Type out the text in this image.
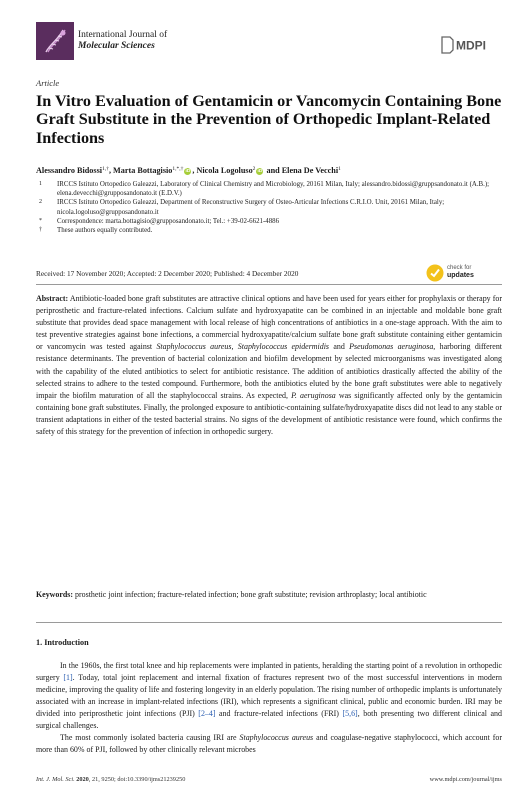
International Journal of
Molecular Sciences	MDPI
Article
In Vitro Evaluation of Gentamicin or Vancomycin Containing Bone Graft Substitute in the Prevention of Orthopedic Implant-Related Infections
Alessandro Bidossi$^{1,\dagger}$, Marta Bottagisio$^{1,*,\dagger}$ iD , Nicola Logoluso$^2$ iD and Elena De Vecchi$^1$
1	IRCCS Istituto Ortopedico Galeazzi, Laboratory of Clinical Chemistry and Microbiology, 20161 Milan, Italy; alessandro.bidossi@gruppsandonato.it (A.B.); elena.devecchi@grupposandonato.it (E.D.V.)
2	IRCCS Istituto Ortopedico Galeazzi, Department of Reconstructive Surgery of Osteo-Articular Infections C.R.I.O. Unit, 20161 Milan, Italy; nicola.logoluso@grupposandonato.it
*	Correspondence: marta.bottagisio@grupposandonato.it; Tel.: +39-02-6621-4886
†	These authors equally contributed.
Received: 17 November 2020; Accepted: 2 December 2020; Published: 4 December 2020
check for
updates
Abstract: Antibiotic-loaded bone graft substitutes are attractive clinical options and have been used for years either for prophylaxis or therapy for periprosthetic and fracture-related infections. Calcium sulfate and hydroxyapatite can be combined in an injectable and moldable bone graft substitute that provides dead space management with local release of high concentrations of antibiotics in a one-stage approach. With the aim to test preventive strategies against bone infections, a commercial hydroxyapatite/calcium sulfate bone graft substitute containing either gentamicin or vancomycin was tested against Staphylococcus aureus, Staphylococcus epidermidis and Pseudomonas aeruginosa, harboring different resistance determinants. The prevention of bacterial colonization and biofilm development by selected microorganisms was investigated along with the capability of the eluted antibiotics to select for antibiotic resistance. The addition of antibiotics drastically affected the ability of the selected strains to adhere to the tested compound. Furthermore, both the antibiotics eluted by the bone graft substitutes were able to negatively impair the biofilm maturation of all the staphylococcal strains. As expected, P. aeruginosa was significantly affected only by the gentamicin containing bone graft substitutes. Finally, the prolonged exposure to antibiotic-containing sulfate/hydroxyapatite discs did not lead to any stable or transient adaptations in either of the tested bacterial strains. No signs of the development of antibiotic resistance were found, which confirms the safety of this strategy for the prevention of infection in orthopedic surgery.
Keywords: prosthetic joint infection; fracture-related infection; bone graft substitute; revision arthroplasty; local antibiotic
1. Introduction

In the 1960s, the first total knee and hip replacements were implanted in patients, heralding the starting point of a revolution in orthopedic surgery [1]. Today, total joint replacement and internal fixation of fractures represent two of the most successful interventions in modern medicine, improving the quality of life and fostering longevity in an elderly population. The rising number of orthopedic implants is unfortunately associated with an increase in implant-related infections (IRI), which represents a significant clinical, public and economic burden. IRI may be divided into periprosthetic joint infections (PJI) [2–4] and fracture-related infections (FRI) [5,6], both presenting two different clinical and surgical challenges.

The most commonly isolated bacteria causing IRI are Staphylococcus aureus and coagulase-negative staphylococci, which account for more than 60% of PJI, followed by other clinically relevant microbes

Int. J. Mol. Sci. 2020, 21, 9250; doi:10.3390/ijms21239250	www.mdpi.com/journal/ijms
